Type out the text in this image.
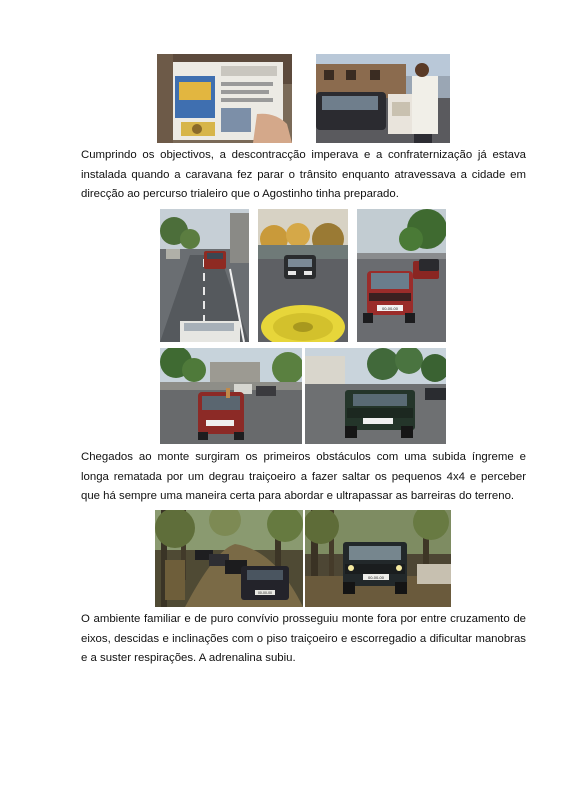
Cumprindo os objectivos, a descontracção imperava e a confraternização já estava instalada quando a caravana fez parar o trânsito enquanto atravessava a cidade em direcção ao percurso trialeiro que o Agostinho tinha preparado.

00-00-00

Chegados ao monte surgiram os primeiros obstáculos com uma subida íngreme e longa rematada por um degrau traiçoeiro a fazer saltar os pequenos 4x4 e perceber que há sempre uma maneira certa para abordar e ultrapassar as barreiras do terreno.

00-00-00
00-00-00

O ambiente familiar e de puro convívio prosseguiu monte fora por entre cruzamento de eixos, descidas e inclinações com o piso traiçoeiro e escorregadio a dificultar manobras e a suster respirações. A adrenalina subiu.
